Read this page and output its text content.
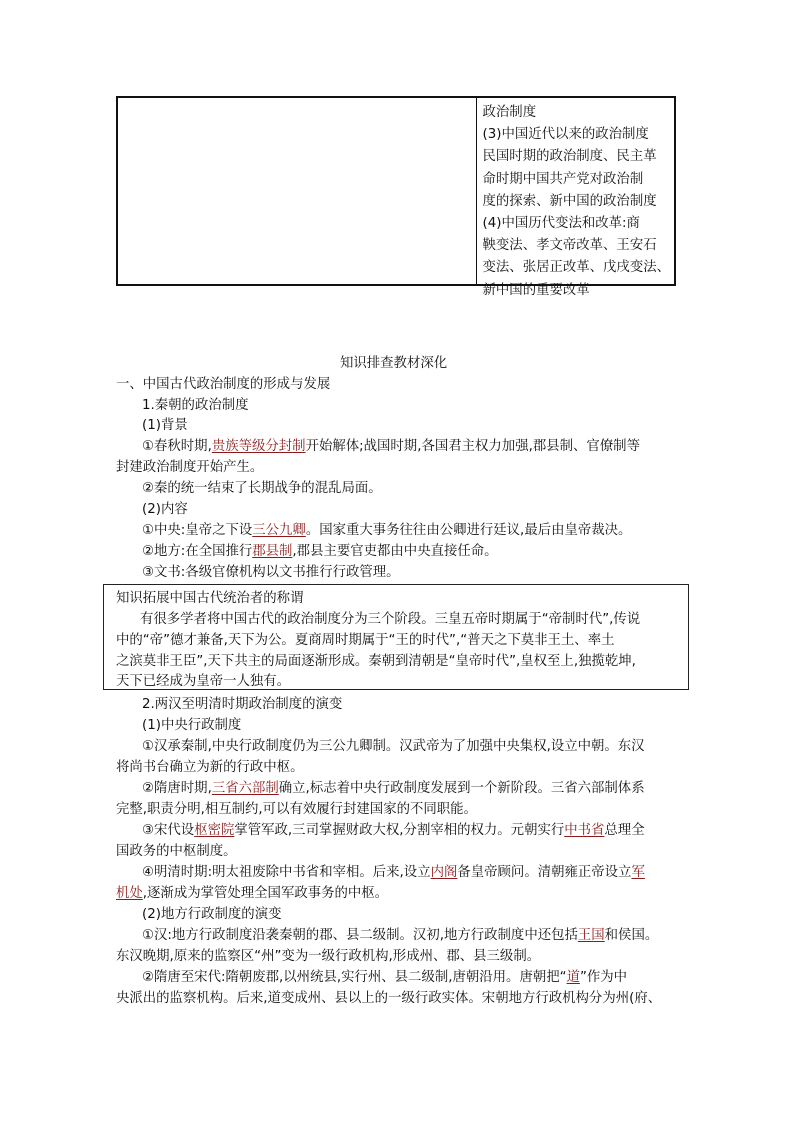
政治制度
(3)中国近代以来的政治制度
民国时期的政治制度、民主革
命时期中国共产党对政治制
度的探索、新中国的政治制度
(4)中国历代变法和改革:商
鞅变法、孝文帝改革、王安石
变法、张居正改革、戊戌变法、
新中国的重要改革
知识排查教材深化
一、中国古代政治制度的形成与发展
1.秦朝的政治制度
(1)背景
①春秋时期,贵族等级分封制开始解体;战国时期,各国君主权力加强,郡县制、官僚制等
封建政治制度开始产生。
②秦的统一结束了长期战争的混乱局面。
(2)内容
①中央:皇帝之下设三公九卿。国家重大事务往往由公卿进行廷议,最后由皇帝裁决。
②地方:在全国推行郡县制,郡县主要官吏都由中央直接任命。
③文书:各级官僚机构以文书推行行政管理。
知识拓展中国古代统治者的称谓
有很多学者将中国古代的政治制度分为三个阶段。三皇五帝时期属于“帝制时代”,传说
中的“帝”德才兼备,天下为公。夏商周时期属于“王的时代”,“普天之下莫非王土、率土
之滨莫非王臣”,天下共主的局面逐渐形成。秦朝到清朝是“皇帝时代”,皇权至上,独揽乾坤,
天下已经成为皇帝一人独有。
2.两汉至明清时期政治制度的演变
(1)中央行政制度
①汉承秦制,中央行政制度仍为三公九卿制。汉武帝为了加强中央集权,设立中朝。东汉
将尚书台确立为新的行政中枢。
②隋唐时期,三省六部制确立,标志着中央行政制度发展到一个新阶段。三省六部制体系
完整,职责分明,相互制约,可以有效履行封建国家的不同职能。
③宋代设枢密院掌管军政,三司掌握财政大权,分割宰相的权力。元朝实行中书省总理全
国政务的中枢制度。
④明清时期:明太祖废除中书省和宰相。后来,设立内阁备皇帝顾问。清朝雍正帝设立军
机处,逐渐成为掌管处理全国军政事务的中枢。
(2)地方行政制度的演变
①汉:地方行政制度沿袭秦朝的郡、县二级制。汉初,地方行政制度中还包括王国和侯国。
东汉晚期,原来的监察区“州”变为一级行政机构,形成州、郡、县三级制。
②隋唐至宋代:隋朝废郡,以州统县,实行州、县二级制,唐朝沿用。唐朝把“道”作为中
央派出的监察机构。后来,道变成州、县以上的一级行政实体。宋朝地方行政机构分为州(府、
